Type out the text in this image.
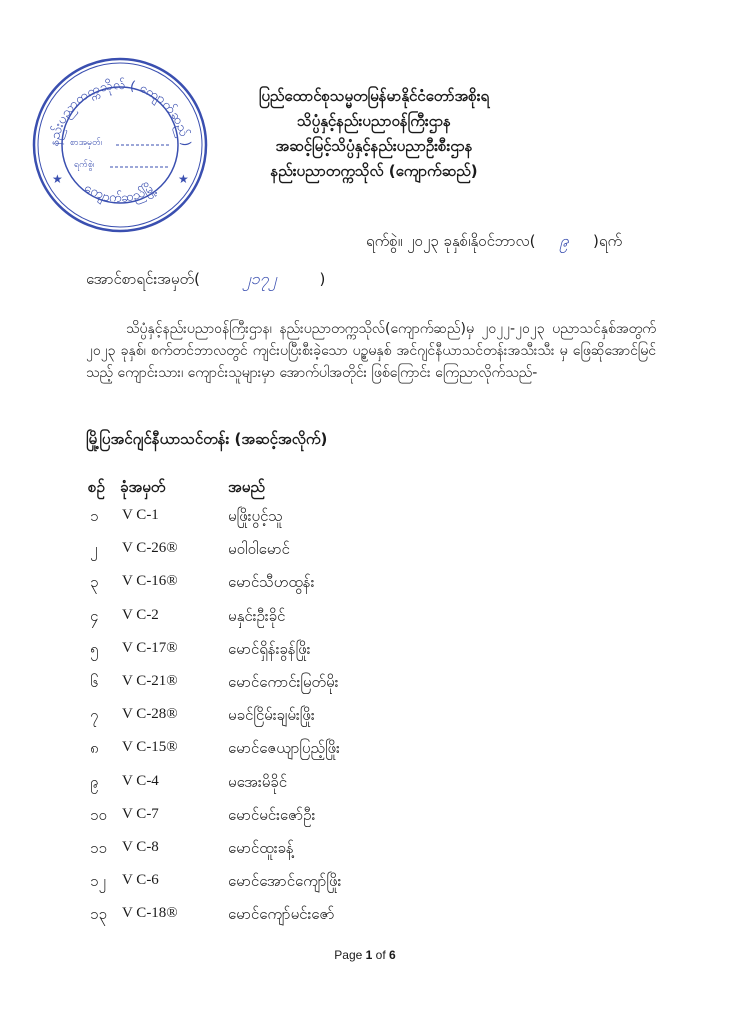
နည်းပညာတက္ကသိုလ် ( ကျောက်ဆည် )
ကျောက်ဆည်မြို့
စာအမှတ်၊
ရက်စွဲ၊
★	★
ပြည်ထောင်စုသမ္မတမြန်မာနိုင်ငံတော်အစိုးရ
သိပ္ပံနှင့်နည်းပညာဝန်ကြီးဌာန
အဆင့်မြင့်သိပ္ပံနှင့်နည်းပညာဦးစီးဌာန
နည်းပညာတက္ကသိုလ် (ကျောက်ဆည်)
ရက်စွဲ။ ၂၀၂၃ ခုနှစ်၊နိုဝင်ဘာလ( ၉ )ရက်
အောင်စာရင်းအမှတ်(	၂၁၇၂	)
သိပ္ပံနှင့်နည်းပညာဝန်ကြီးဌာန၊ နည်းပညာတက္ကသိုလ်(ကျောက်ဆည်)မှ ၂၀၂၂-၂၀၂၃ ပညာသင်နှစ်အတွက် ၂၀၂၃ ခုနှစ်၊ စက်တင်ဘာလတွင် ကျင်းပပြီးစီးခဲ့သော ပဉ္စမနှစ် အင်ဂျင်နီယာသင်တန်းအသီးသီး မှ ဖြေဆိုအောင်မြင်သည့် ကျောင်းသား၊ ကျောင်းသူများမှာ အောက်ပါအတိုင်း ဖြစ်ကြောင်း ကြေညာလိုက်သည်-
မြို့ပြအင်ဂျင်နီယာသင်တန်း (အဆင့်အလိုက်)
စဉ် ခုံအမှတ်	အမည်
၁ V C-1	မဖြိုးပွင့်သူ
၂ V C-26®	မဝါဝါမောင်
၃ V C-16®	မောင်သီဟထွန်း
၄ V C-2	မနှင်းဦးခိုင်
၅ V C-17®	မောင်ရှိန်းခွန်ဖြိုး
၆ V C-21®	မောင်ကောင်းမြတ်မိုး
၇ V C-28®	မခင်ငြိမ်းချမ်းဖြိုး
၈ V C-15®	မောင်ဇေယျာပြည့်ဖြိုး
၉ V C-4	မအေးမိခိုင်
၁၀ V C-7	မောင်မင်းဇော်ဦး
၁၁ V C-8	မောင်ထူးခန့်
၁၂ V C-6	မောင်အောင်ကျော်ဖြိုး
၁၃ V C-18®	မောင်ကျော်မင်းဇော်
Page 1 of 6
